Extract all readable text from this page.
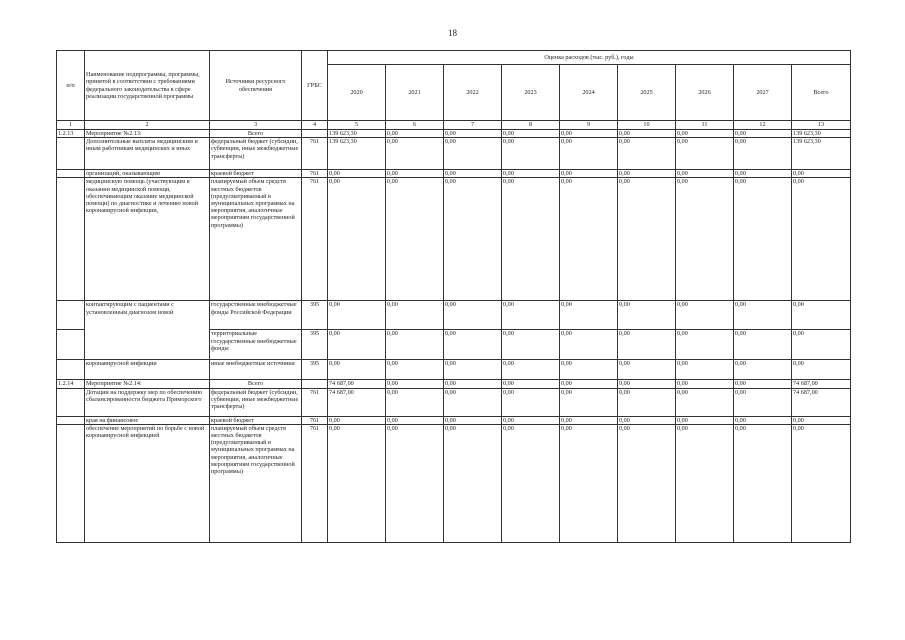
18
п/п	Наименование подпрограммы, программы, принятой в соответствии с требованиями федерального законодательства в сфере реализации государственной программы	Источники ресурсного обеспечения	ГРБС	Оценка расходов (тыс. руб.), годы								
				2020	2021	2022	2023	2024	2025	2026	2027	Всего
1	2	3	4	5	6	7	8	9	10	11	12	13
1.2.13	Мероприятие №2.13:	Всего		139 623,30	0,00	0,00	0,00	0,00	0,00	0,00	0,00	139 623,30
	Дополнительные выплаты медицинским и иным работникам медицинских и иных	федеральный бюджет (субсидии, субвенции, иные межбюджетные трансферты)	761	139 623,30	0,00	0,00	0,00	0,00	0,00	0,00	0,00	139 623,30
	организаций, оказывающим	краевой бюджет	761	0,00	0,00	0,00	0,00	0,00	0,00	0,00	0,00	0,00
	медицинскую помощь (участвующим в оказании медицинской помощи, обеспечивающим оказание медицинской помощи) по диагностике и лечению новой коронавирусной инфекции,	планируемый объем средств местных бюджетов (предусматриваемый в муниципальных программах на мероприятия, аналогичные мероприятиям государственной программы)	761	0,00	0,00	0,00	0,00	0,00	0,00	0,00	0,00	0,00
	контактирующим с пациентами с установленным диагнозом новой	государственные внебюджетные фонды Российской Федерации	395	0,00	0,00	0,00	0,00	0,00	0,00	0,00	0,00	0,00
		территориальные государственные внебюджетные фонды	395	0,00	0,00	0,00	0,00	0,00	0,00	0,00	0,00	0,00
	коронавирусной инфекции	иные внебюджетные источники	395	0,00	0,00	0,00	0,00	0,00	0,00	0,00	0,00	0,00
1.2.14	Мероприятие №2.14:	Всего		74 687,00	0,00	0,00	0,00	0,00	0,00	0,00	0,00	74 687,00
	Дотации на поддержку мер по обеспечению сбалансированности бюджета Приморского	федеральный бюджет (субсидии, субвенции, иные межбюджетные трансферты)	761	74 687,00	0,00	0,00	0,00	0,00	0,00	0,00	0,00	74 687,00
	края на финансовое	краевой бюджет	761	0,00	0,00	0,00	0,00	0,00	0,00	0,00	0,00	0,00
	обеспечение мероприятий по борьбе с новой коронавирусной инфекцией	планируемый объем средств местных бюджетов (предусматриваемый в муниципальных программах на мероприятия, аналогичные мероприятиям государственной программы)	761	0,00	0,00	0,00	0,00	0,00	0,00	0,00	0,00	0,00
